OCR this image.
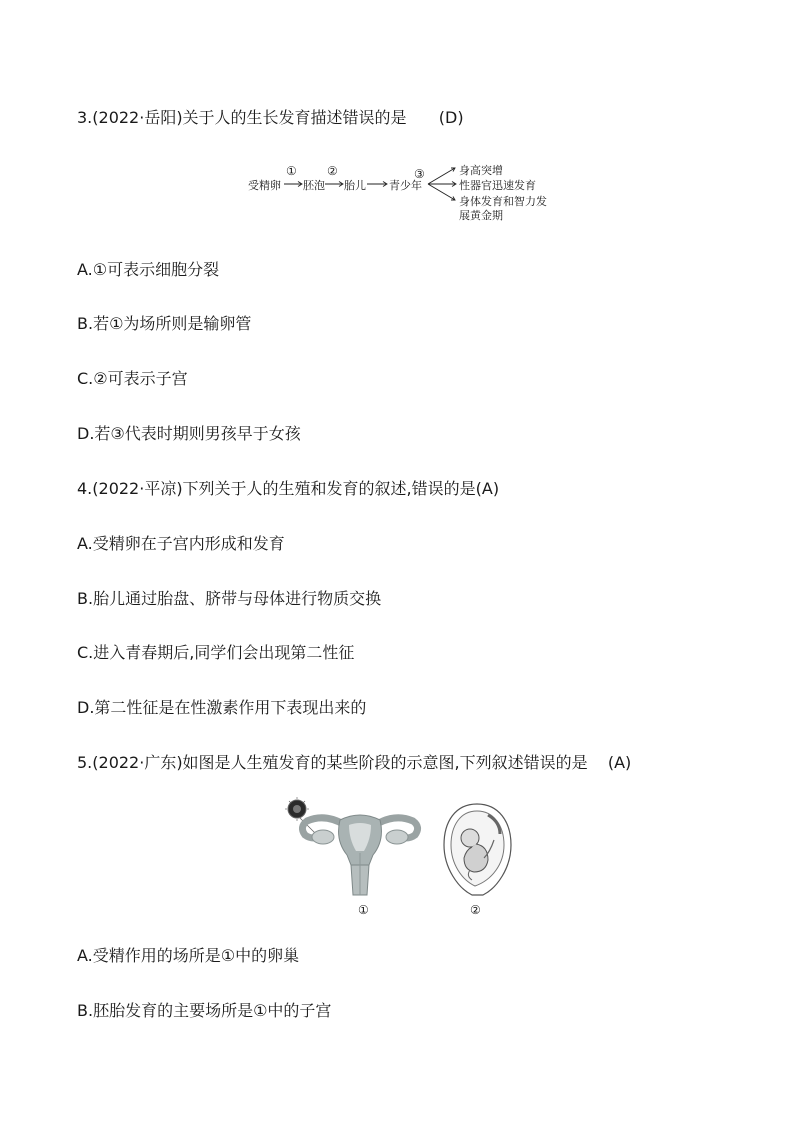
3.(2022·岳阳)关于人的生长发育描述错误的是 (D)
受精卵
①
胚泡
②
胎儿 青少年
③	身高突增
性器官迅速发育
身体发育和智力发
展黄金期
A.①可表示细胞分裂
B.若①为场所则是输卵管
C.②可表示子宫
D.若③代表时期则男孩早于女孩
4.(2022·平凉)下列关于人的生殖和发育的叙述,错误的是(A)
A.受精卵在子宫内形成和发育
B.胎儿通过胎盘、脐带与母体进行物质交换
C.进入青春期后,同学们会出现第二性征
D.第二性征是在性激素作用下表现出来的
5.(2022·广东)如图是人生殖发育的某些阶段的示意图,下列叙述错误的是 (A)
①	②
A.受精作用的场所是①中的卵巢
B.胚胎发育的主要场所是①中的子宫
